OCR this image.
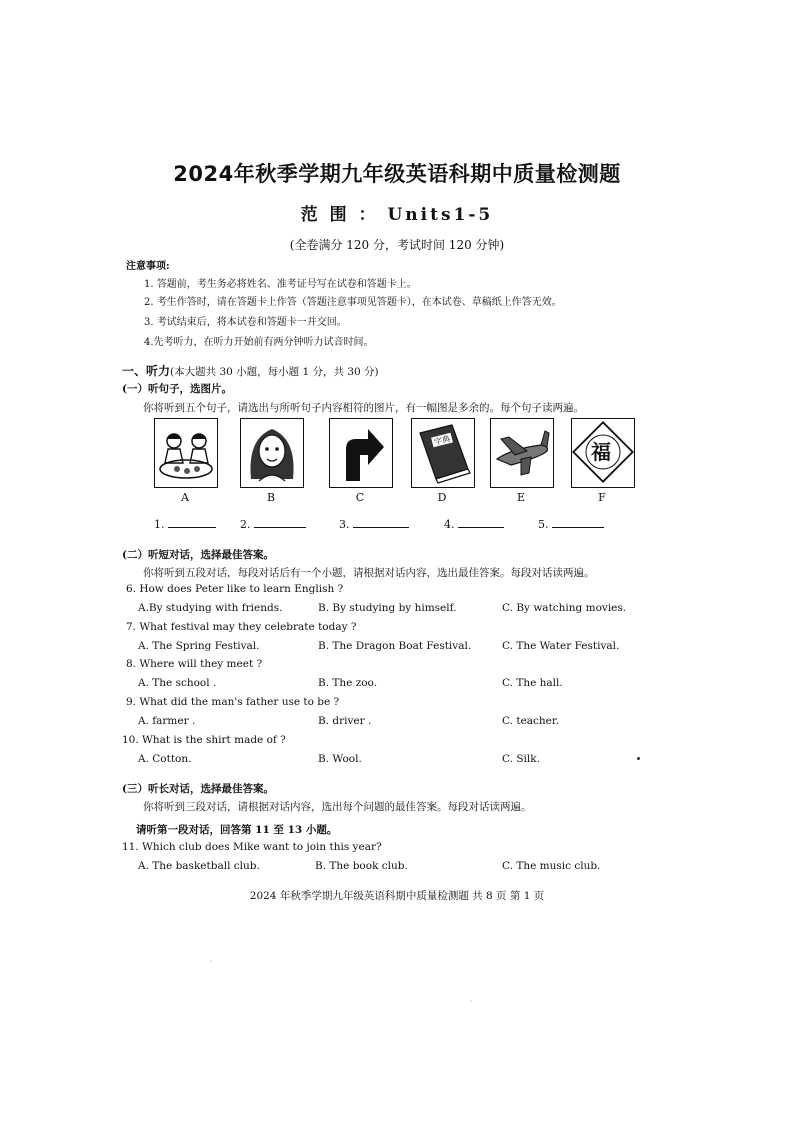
2024年秋季学期九年级英语科期中质量检测题
范 围 ： Units1-5
(全卷满分 120 分，考试时间 120 分钟)
注意事项:
1. 答题前，考生务必将姓名、准考证号写在试卷和答题卡上。
2. 考生作答时，请在答题卡上作答（答题注意事项见答题卡），在本试卷、草稿纸上作答无效。
3. 考试结束后，将本试卷和答题卡一并交回。
4.先考听力，在听力开始前有两分钟听力试音时间。
一、听力(本大题共 30 小题，每小题 1 分，共 30 分)
(一）听句子，选图片。
你将听到五个句子，请选出与所听句子内容相符的图片，有一幅图是多余的。每个句子读两遍。
字典	福
A	B	C	D	E	F
1.	2.	3.	4.	5.
(二）听短对话，选择最佳答案。
你将听到五段对话，每段对话后有一个小题，请根据对话内容，选出最佳答案。每段对话读两遍。
6. How does Peter like to learn English ?
A.By studying with friends.	B. By studying by himself.	C. By watching movies.
7. What festival may they celebrate today ?
A. The Spring Festival.	B. The Dragon Boat Festival.	C. The Water Festival.
8. Where will they meet ?
A. The school .	B. The zoo.	C. The hall.
9. What did the man's father use to be ?
A. farmer .	B. driver .	C. teacher.
10. What is the shirt made of ?
A. Cotton.	B. Wool.	C. Silk.
(三）听长对话，选择最佳答案。
你将听到三段对话，请根据对话内容，选出每个问题的最佳答案。每段对话读两遍。
请听第一段对话，回答第 11 至 13 小题。
11. Which club does Mike want to join this year?
A. The basketball club.	B. The book club.	C. The music club.
2024 年秋季学期九年级英语科期中质量检测题 共 8 页 第 1 页
